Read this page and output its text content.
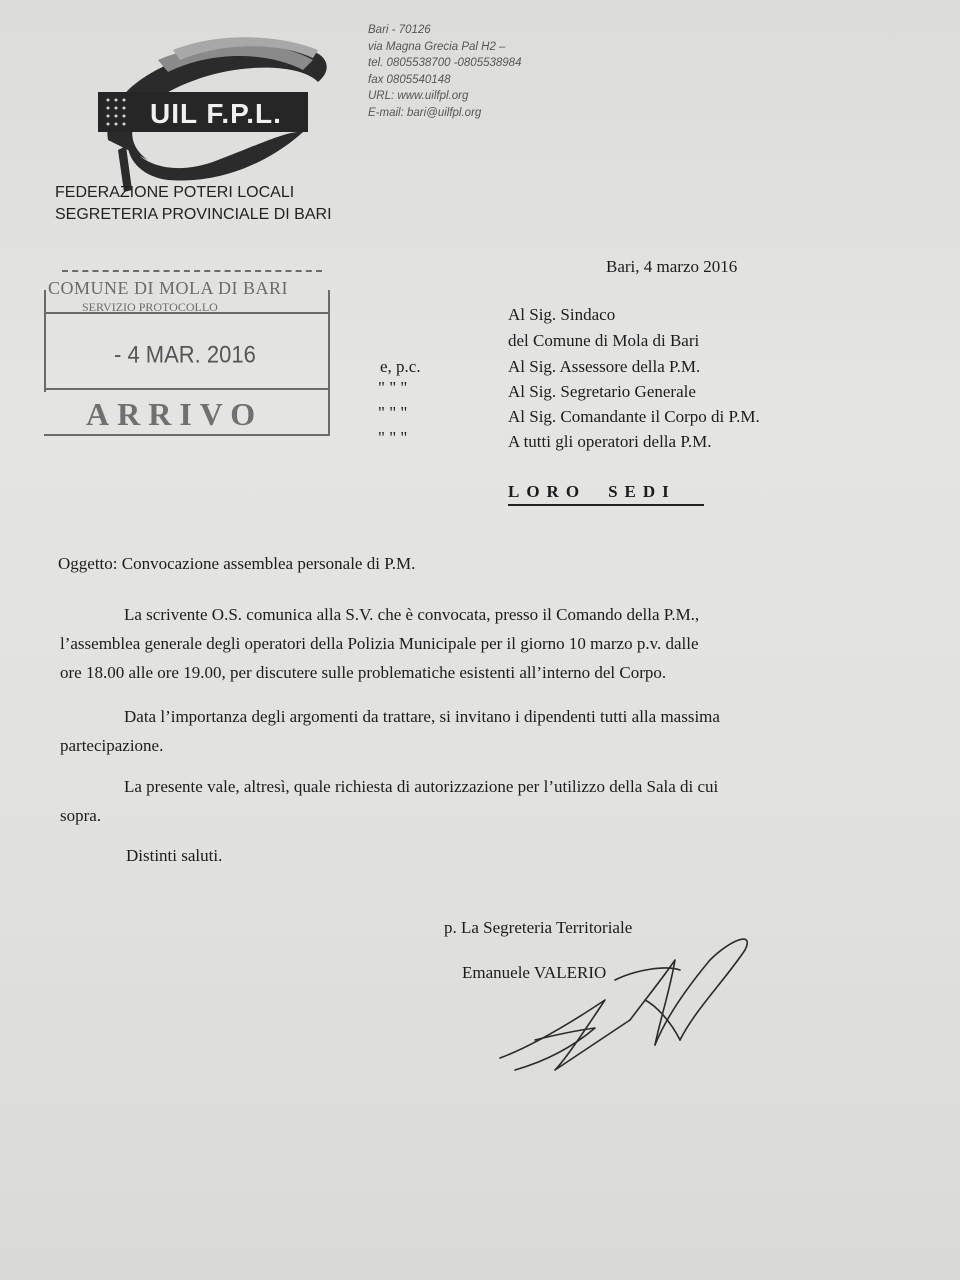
UIL F.P.L.
FEDERAZIONE POTERI LOCALI
SEGRETERIA PROVINCIALE DI BARI
Bari - 70126
via Magna Grecia Pal H2 –
tel. 0805538700 -0805538984
fax 0805540148
URL: www.uilfpl.org
E-mail: bari@uilfpl.org
COMUNE DI MOLA DI BARI
SERVIZIO PROTOCOLLO
- 4 MAR. 2016
ARRIVO
Bari, 4 marzo 2016
Al Sig. Sindaco
del Comune di Mola di Bari
Al Sig. Assessore della P.M.
Al Sig. Segretario Generale
Al Sig. Comandante il Corpo di P.M.
A tutti gli operatori della P.M.
e, p.c.
" " "
" " "
" " "
LORO SEDI
Oggetto: Convocazione assemblea personale di P.M.
La scrivente O.S. comunica alla S.V. che è convocata, presso il Comando della P.M.,
l’assemblea generale degli operatori della Polizia Municipale per il giorno 10 marzo p.v. dalle
ore 18.00 alle ore 19.00, per discutere sulle problematiche esistenti all’interno del Corpo.
Data l’importanza degli argomenti da trattare, si invitano i dipendenti tutti alla massima
partecipazione.
La presente vale, altresì, quale richiesta di autorizzazione per l’utilizzo della Sala di cui
sopra.
Distinti saluti.
p. La Segreteria Territoriale
Emanuele VALERIO
